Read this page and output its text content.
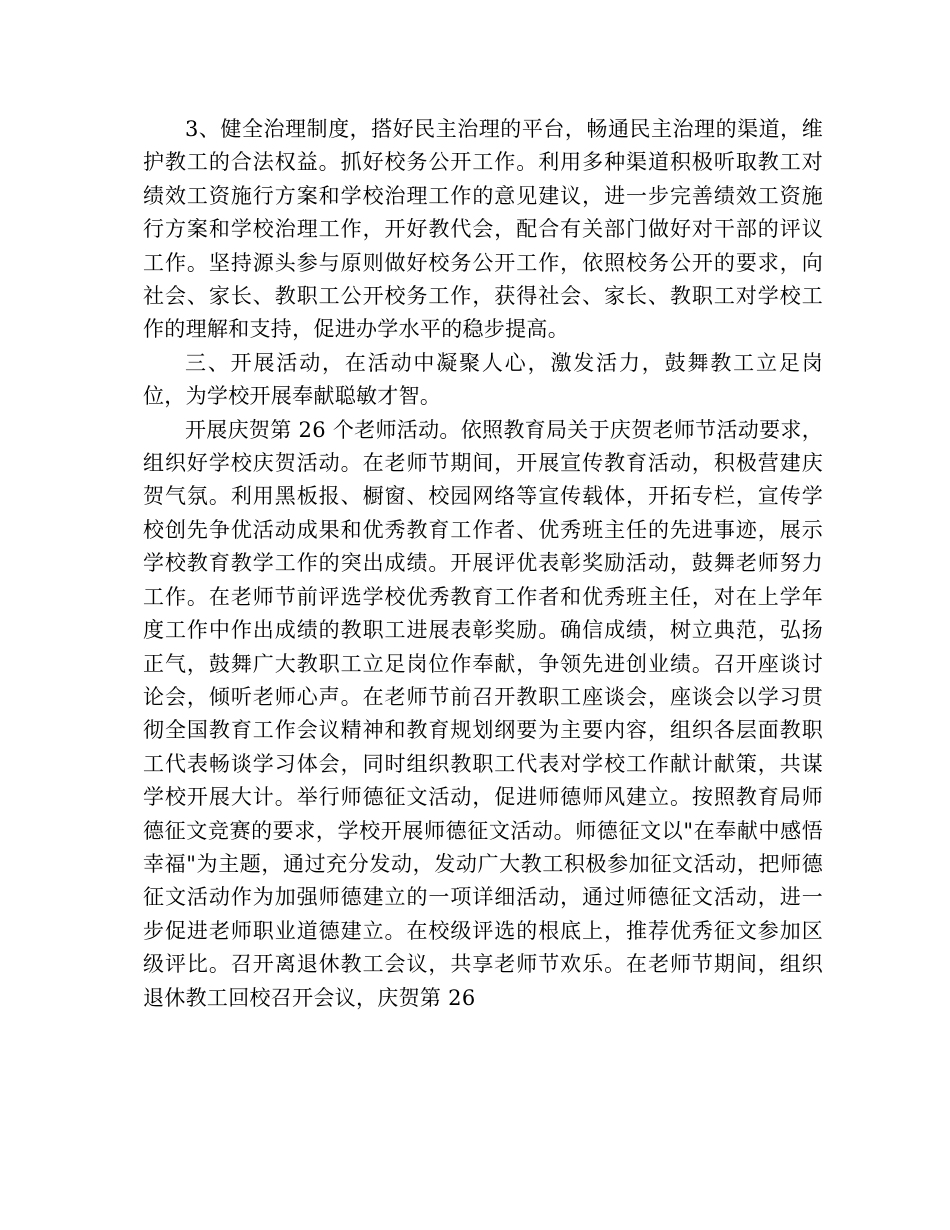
3、健全治理制度，搭好民主治理的平台，畅通民主治理的渠道，维护教工的合法权益。抓好校务公开工作。利用多种渠道积极听取教工对绩效工资施行方案和学校治理工作的意见建议，进一步完善绩效工资施行方案和学校治理工作，开好教代会，配合有关部门做好对干部的评议工作。坚持源头参与原则做好校务公开工作，依照校务公开的要求，向社会、家长、教职工公开校务工作，获得社会、家长、教职工对学校工作的理解和支持，促进办学水平的稳步提高。

三、开展活动，在活动中凝聚人心，激发活力，鼓舞教工立足岗位，为学校开展奉献聪敏才智。

开展庆贺第 26 个老师活动。依照教育局关于庆贺老师节活动要求，组织好学校庆贺活动。在老师节期间，开展宣传教育活动，积极营建庆贺气氛。利用黑板报、橱窗、校园网络等宣传载体，开拓专栏，宣传学校创先争优活动成果和优秀教育工作者、优秀班主任的先进事迹，展示学校教育教学工作的突出成绩。开展评优表彰奖励活动，鼓舞老师努力工作。在老师节前评选学校优秀教育工作者和优秀班主任，对在上学年度工作中作出成绩的教职工进展表彰奖励。确信成绩，树立典范，弘扬正气，鼓舞广大教职工立足岗位作奉献，争领先进创业绩。召开座谈讨论会，倾听老师心声。在老师节前召开教职工座谈会，座谈会以学习贯彻全国教育工作会议精神和教育规划纲要为主要内容，组织各层面教职工代表畅谈学习体会，同时组织教职工代表对学校工作献计献策，共谋学校开展大计。举行师德征文活动，促进师德师风建立。按照教育局师德征文竞赛的要求，学校开展师德征文活动。师德征文以"在奉献中感悟幸福"为主题，通过充分发动，发动广大教工积极参加征文活动，把师德征文活动作为加强师德建立的一项详细活动，通过师德征文活动，进一步促进老师职业道德建立。在校级评选的根底上，推荐优秀征文参加区级评比。召开离退休教工会议，共享老师节欢乐。在老师节期间，组织退休教工回校召开会议，庆贺第 26
